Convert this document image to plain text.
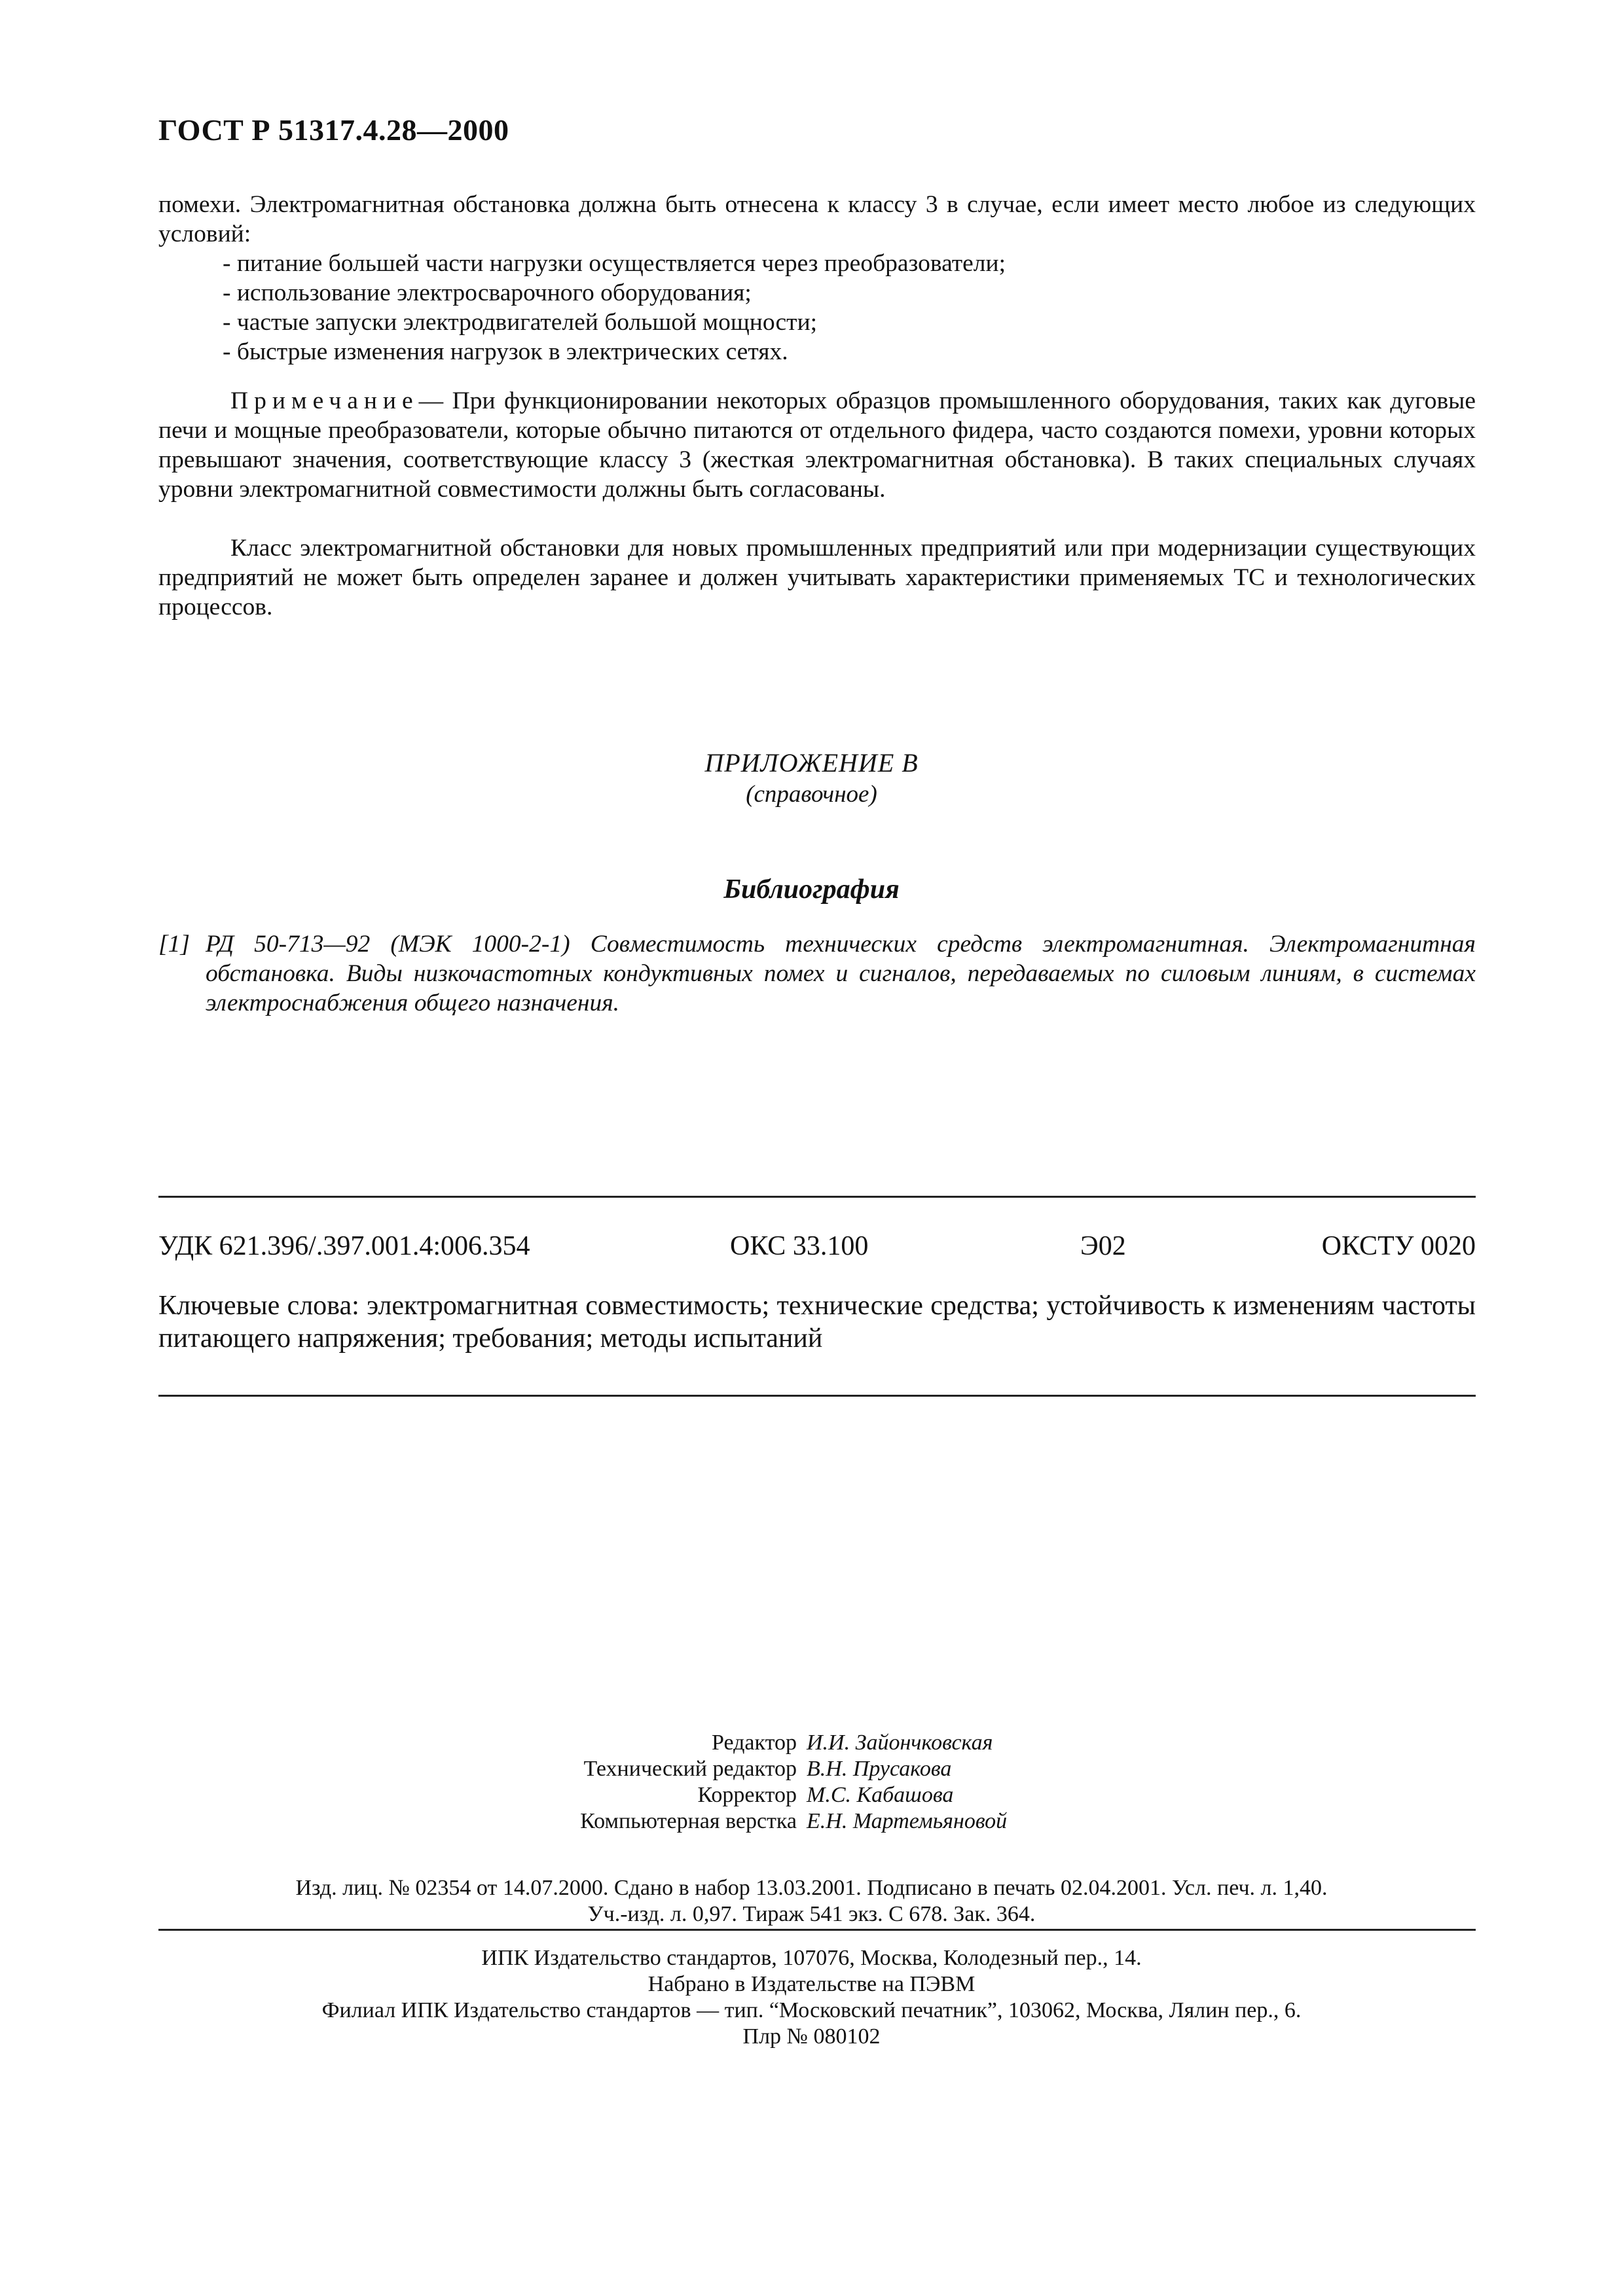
ГОСТ Р 51317.4.28—2000
помехи. Электромагнитная обстановка должна быть отнесена к классу 3 в случае, если имеет место любое из следующих условий:
- питание большей части нагрузки осуществляется через преобразователи;
- использование электросварочного оборудования;
- частые запуски электродвигателей большой мощности;
- быстрые изменения нагрузок в электрических сетях.
Примечание— При функционировании некоторых образцов промышленного оборудования, таких как дуговые печи и мощные преобразователи, которые обычно питаются от отдельного фидера, часто создаются помехи, уровни которых превышают значения, соответствующие классу 3 (жесткая электромагнитная обстановка). В таких специальных случаях уровни электромагнитной совместимости должны быть согласованы.
Класс электромагнитной обстановки для новых промышленных предприятий или при модернизации существующих предприятий не может быть определен заранее и должен учитывать характеристики применяемых ТС и технологических процессов.
ПРИЛОЖЕНИЕ В
(справочное)
Библиография
[1] РД 50-713—92 (МЭК 1000-2-1) Совместимость технических средств электромагнитная. Электромагнитная обстановка. Виды низкочастотных кондуктивных помех и сигналов, передаваемых по силовым линиям, в системах электроснабжения общего назначения.
УДК 621.396/.397.001.4:006.354	ОКС 33.100	Э02	ОКСТУ 0020
Ключевые слова: электромагнитная совместимость; технические средства; устойчивость к изменениям частоты питающего напряжения; требования; методы испытаний
Редактор И.И. Зайончковская
Технический редактор В.Н. Прусакова
Корректор М.С. Кабашова
Компьютерная верстка Е.Н. Мартемьяновой
Изд. лиц. № 02354 от 14.07.2000. Сдано в набор 13.03.2001. Подписано в печать 02.04.2001. Усл. печ. л. 1,40.
Уч.-изд. л. 0,97. Тираж 541 экз. С 678. Зак. 364.
ИПК Издательство стандартов, 107076, Москва, Колодезный пер., 14.
Набрано в Издательстве на ПЭВМ
Филиал ИПК Издательство стандартов — тип. “Московский печатник”, 103062, Москва, Лялин пер., 6.
Плр № 080102
